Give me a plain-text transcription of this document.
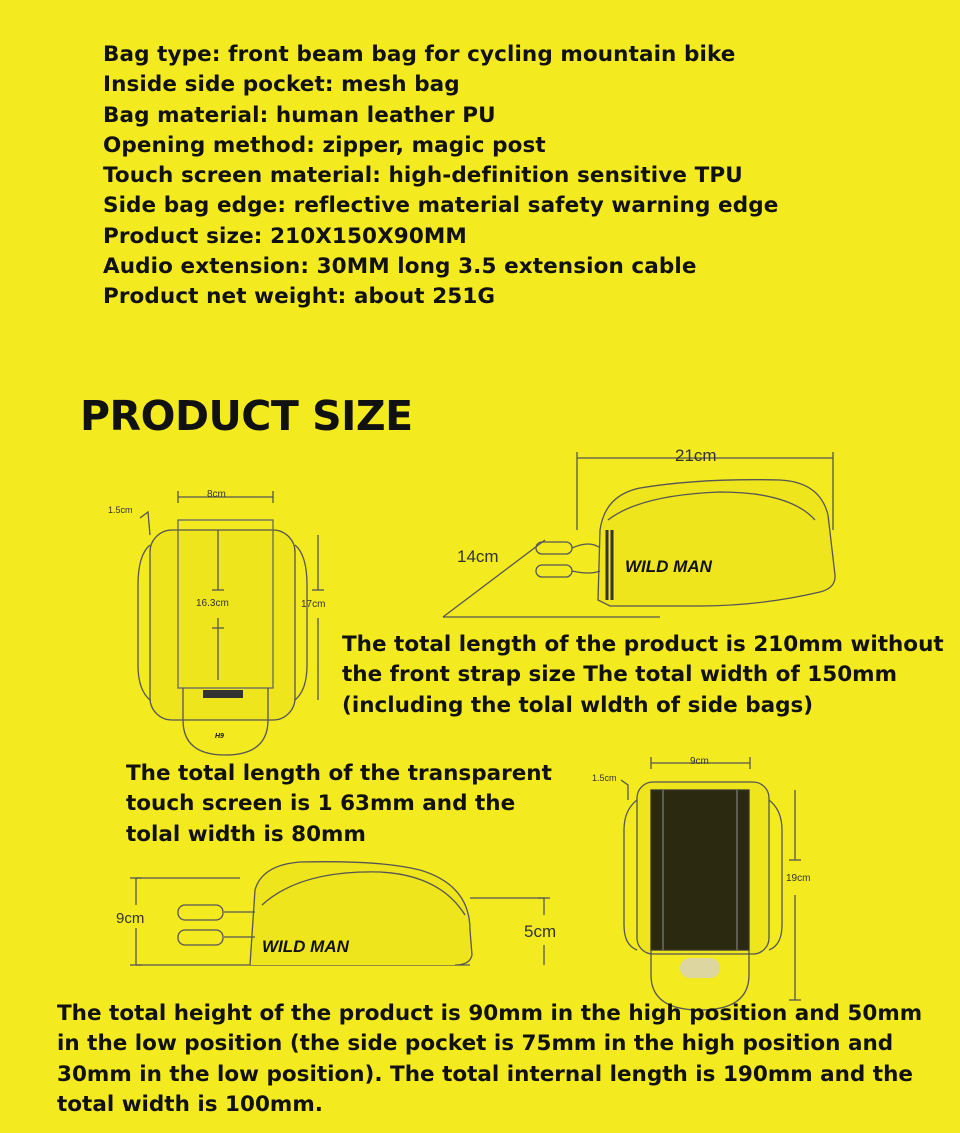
Bag type: front beam bag for cycling mountain bike
Inside side pocket: mesh bag
Bag material: human leather PU
Opening method: zipper, magic post
Touch screen material: high-definition sensitive TPU
Side bag edge: reflective material safety warning edge
Product size: 210X150X90MM
Audio extension: 30MM long 3.5 extension cable
Product net weight: about 251G
PRODUCT SIZE
WILD MAN
WILD MAN
H9
8cm
1.5cm
16.3cm	17cm
21cm
14cm
9cm
5cm
9cm
1.5cm
19cm
The total length of the product is 210mm without
the front strap size The total width of 150mm
(including the tolal wldth of side bags)
The total length of the transparent
touch screen is 1 63mm and the
tolal width is 80mm
The total height of the product is 90mm in the high position and 50mm
in the low position (the side pocket is 75mm in the high position and
30mm in the low position). The total internal length is 190mm and the
total width is 100mm.
